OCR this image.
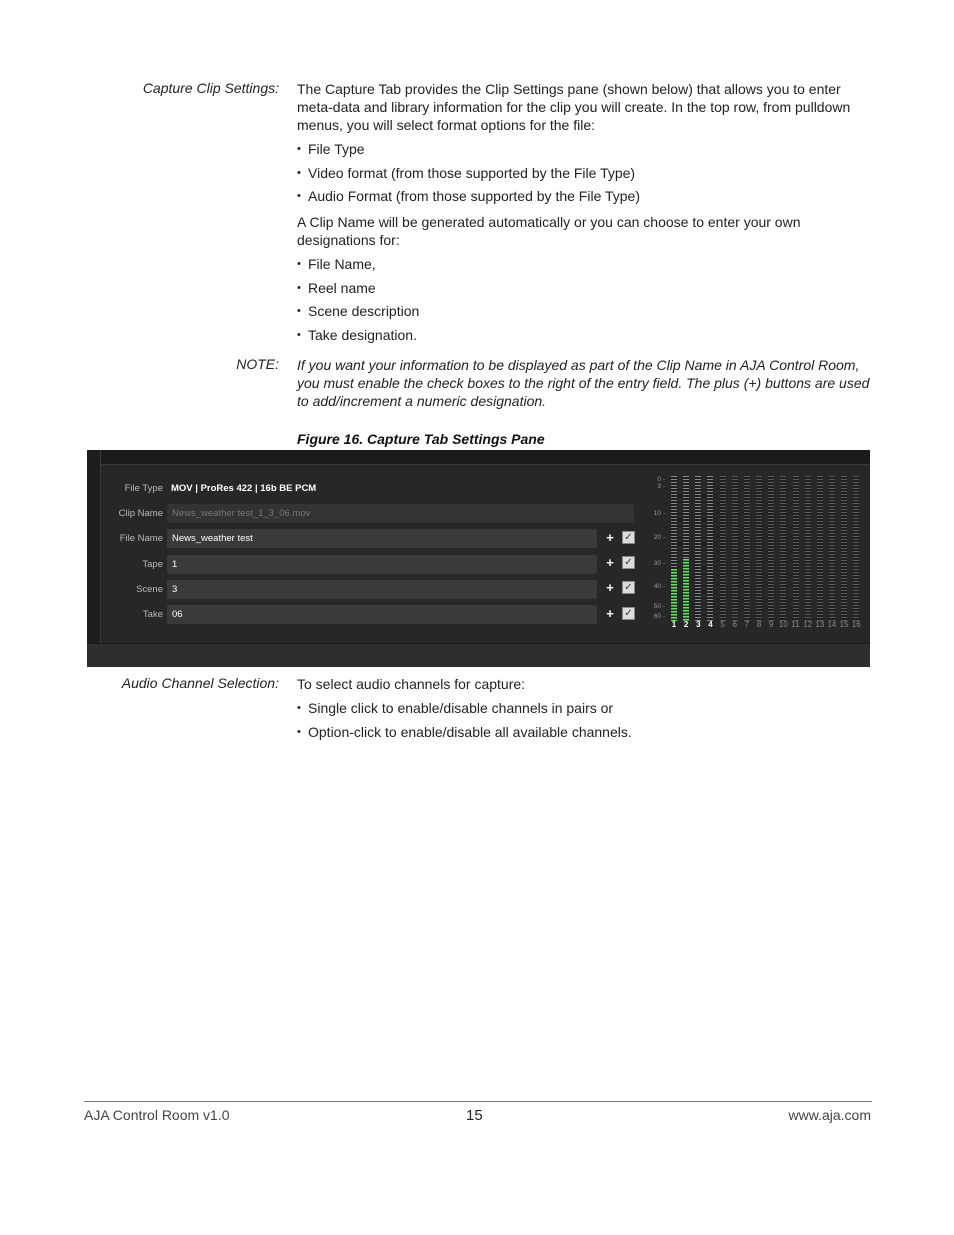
Capture Clip Settings: The Capture Tab provides the Clip Settings pane (shown below) that allows you to enter meta-data and library information for the clip you will create. In the top row, from pulldown menus, you will select format options for the file:

• File Type
• Video format (from those supported by the File Type)
• Audio Format (from those supported by the File Type)

A Clip Name will be generated automatically or you can choose to enter your own designations for:

• File Name,
• Reel name
• Scene description
• Take designation.
NOTE: If you want your information to be displayed as part of the Clip Name in AJA Control Room, you must enable the check boxes to the right of the entry field. The plus (+) buttons are used to add/increment a numeric designation.
Figure 16. Capture Tab Settings Pane
File Type MOV | ProRes 422 | 16b BE PCM
Clip Name News_weather test_1_3_06.mov
File Name News_weather test	+ ✓
Tape 1	+ ✓
Scene 3	+ ✓
Take 06	+ ✓
0 -
3 -
10 -
20 -
30 -
40 -
50 -
60 -
1 2 3 4 5 6 7 8 9 10 11 12 13 14 15 16
Audio Channel Selection: To select audio channels for capture:

• Single click to enable/disable channels in pairs or
• Option-click to enable/disable all available channels.
AJA Control Room v1.0	15	www.aja.com
